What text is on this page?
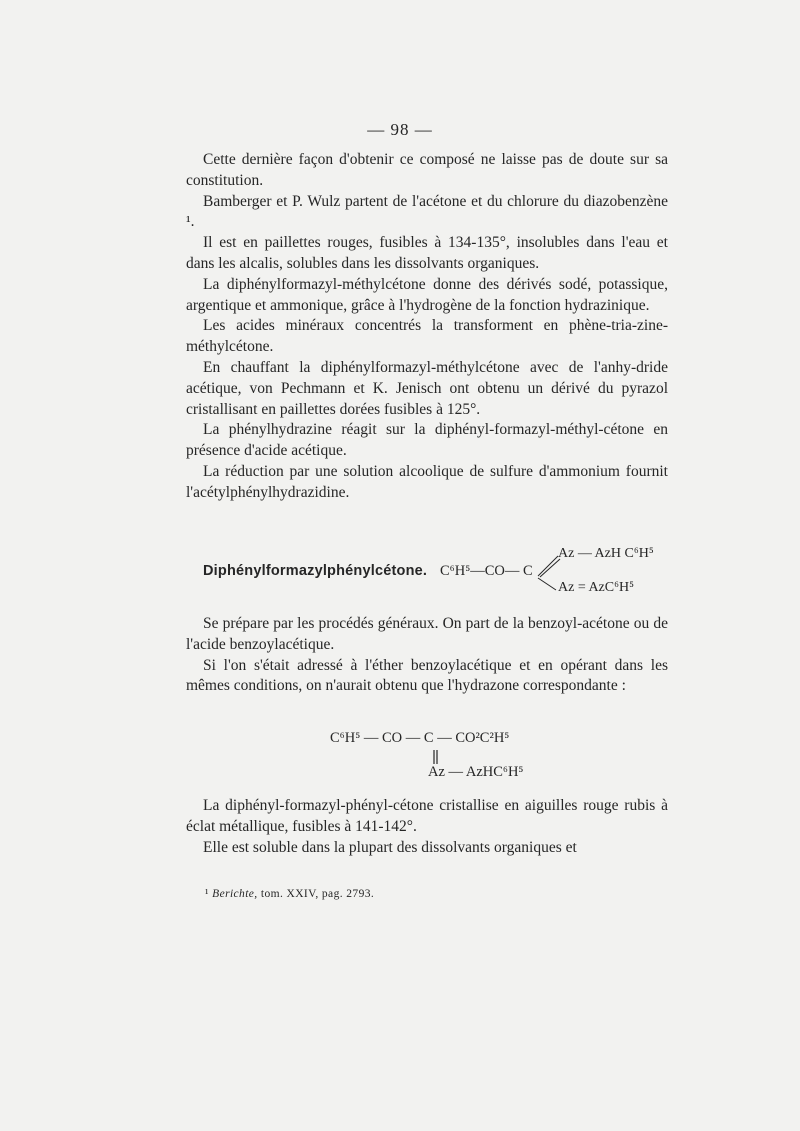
— 98 —

Cette dernière façon d'obtenir ce composé ne laisse pas de doute sur sa constitution.

Bamberger et P. Wulz partent de l'acétone et du chlorure du diazobenzène ¹.

Il est en paillettes rouges, fusibles à 134-135°, insolubles dans l'eau et dans les alcalis, solubles dans les dissolvants organiques.

La diphénylformazyl-méthylcétone donne des dérivés sodé, potassique, argentique et ammonique, grâce à l'hydrogène de la fonction hydrazinique.

Les acides minéraux concentrés la transforment en phène-tria-zine-méthylcétone.

En chauffant la diphénylformazyl-méthylcétone avec de l'anhy-dride acétique, von Pechmann et K. Jenisch ont obtenu un dérivé du pyrazol cristallisant en paillettes dorées fusibles à 125°.

La phénylhydrazine réagit sur la diphényl-formazyl-méthyl-cétone en présence d'acide acétique.

La réduction par une solution alcoolique de sulfure d'ammonium fournit l'acétylphénylhydrazidine.

Diphénylformazylphénylcétone. C⁶H⁵—CO— C
Az — AzH C⁶H⁵
Az = AzC⁶H⁵

Se prépare par les procédés généraux. On part de la benzoyl-acétone ou de l'acide benzoylacétique.

Si l'on s'était adressé à l'éther benzoylacétique et en opérant dans les mêmes conditions, on n'aurait obtenu que l'hydrazone correspondante :

C⁶H⁵ — CO — C — CO²C²H⁵
Az — AzHC⁶H⁵

La diphényl-formazyl-phényl-cétone cristallise en aiguilles rouge rubis à éclat métallique, fusibles à 141-142°.

Elle est soluble dans la plupart des dissolvants organiques et

¹ Berichte, tom. XXIV, pag. 2793.
